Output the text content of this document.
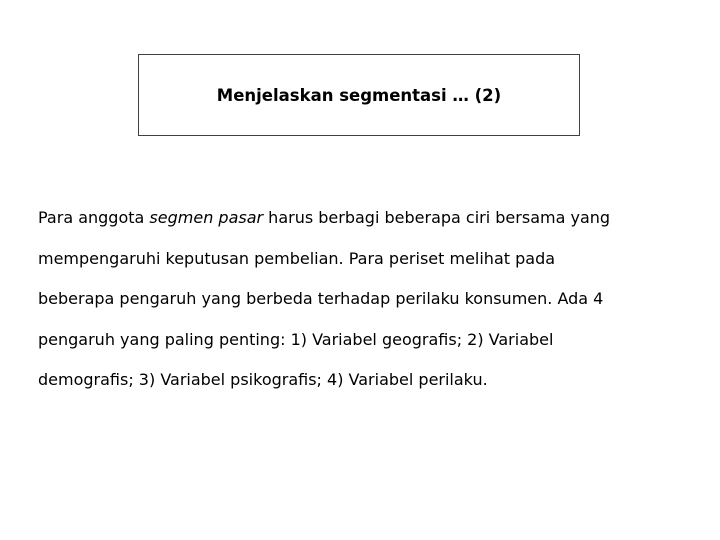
Menjelaskan segmentasi … (2)

Para anggota segmen pasar harus berbagi beberapa ciri bersama yang
mempengaruhi keputusan pembelian. Para periset melihat pada
beberapa pengaruh yang berbeda terhadap perilaku konsumen. Ada 4
pengaruh yang paling penting: 1) Variabel geografis; 2) Variabel
demografis; 3) Variabel psikografis; 4) Variabel perilaku.
